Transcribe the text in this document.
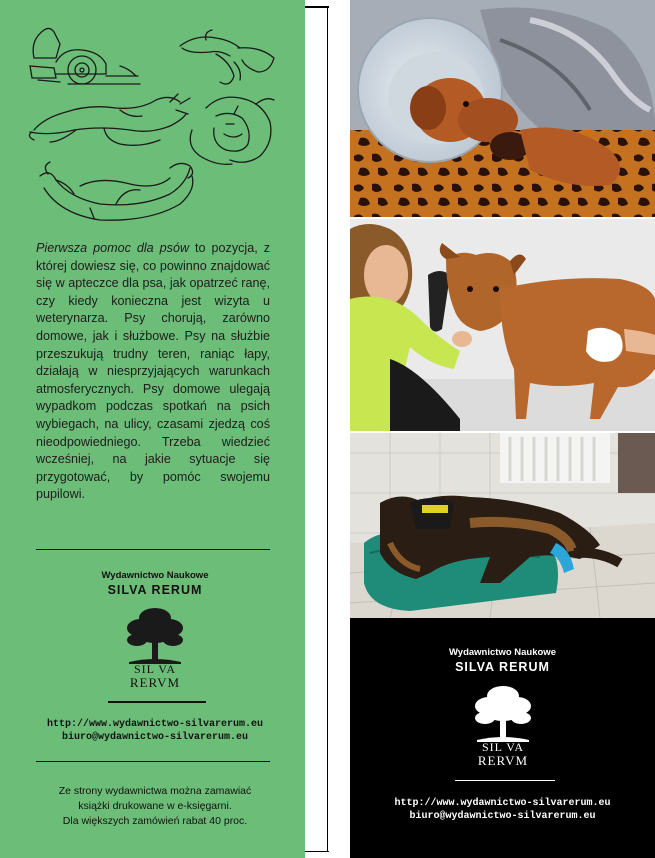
Pierwsza pomoc dla psów to pozycja, z której dowiesz się, co powinno znajdować się w apteczce dla psa, jak opatrzeć ranę, czy kiedy konieczna jest wizyta u weterynarza. Psy chorują, zarówno domowe, jak i służbowe. Psy na służbie przeszukują trudny teren, raniąc łapy, działają w niesprzyjających warunkach atmosferycznych. Psy domowe ulegają wypadkom podczas spotkań na psich wybiegach, na ulicy, czasami zjedzą coś nieodpowiedniego. Trzeba wiedzieć wcześniej, na jakie sytuacje się przygotować, by pomóc swojemu pupilowi.
Wydawnictwo Naukowe
SILVA RERUM
SIL VA
RERVM
http://www.wydawnictwo-silvarerum.eu
biuro@wydawnictwo-silvarerum.eu
Ze strony wydawnictwa można zamawiać
książki drukowane w e-księgarni.
Dla większych zamówień rabat 40 proc.
Wydawnictwo Naukowe
SILVA RERUM
SIL VA
RERVM
http://www.wydawnictwo-silvarerum.eu
biuro@wydawnictwo-silvarerum.eu
